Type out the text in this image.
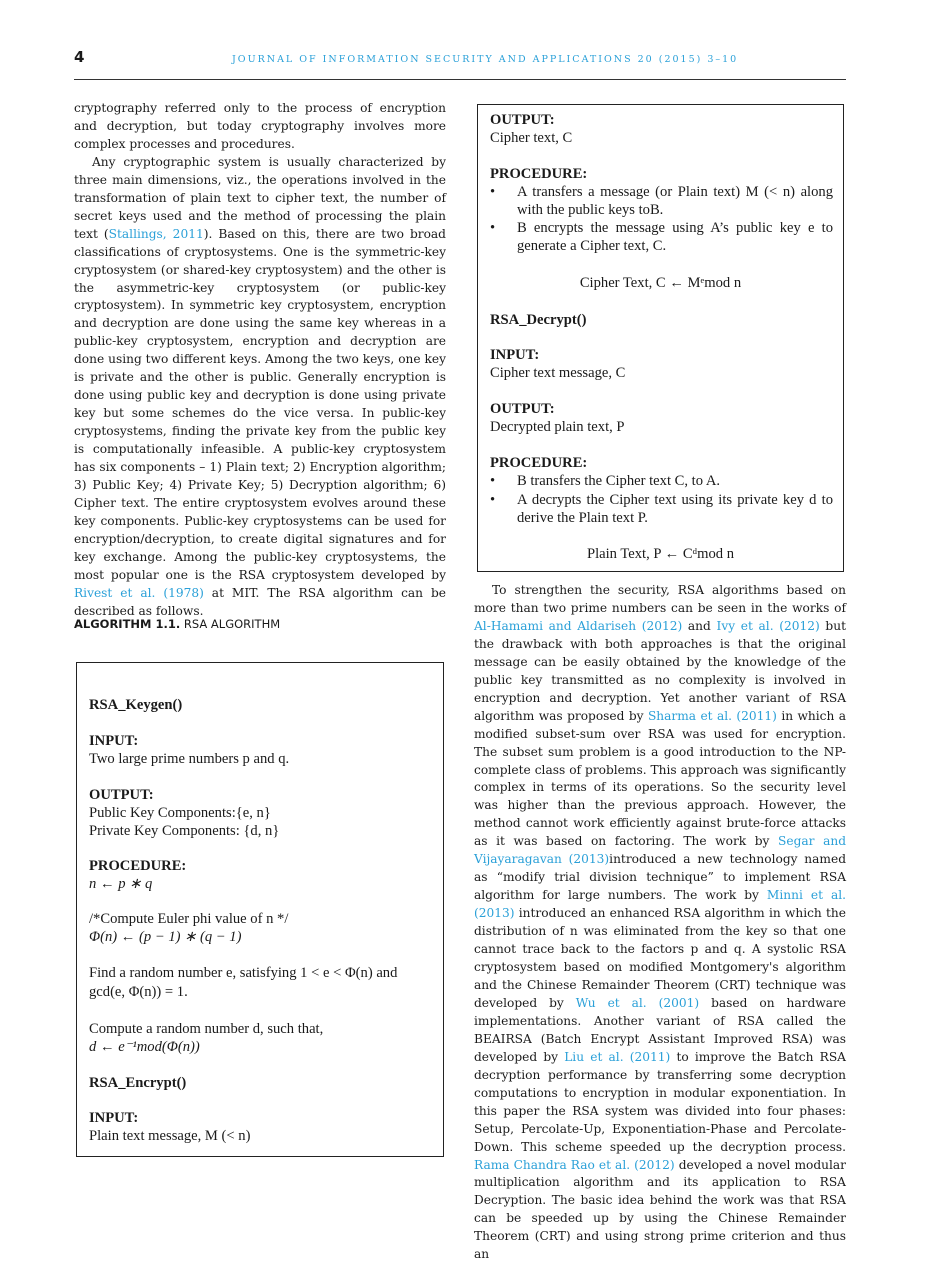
4	JOURNAL OF INFORMATION SECURITY AND APPLICATIONS 20 (2015) 3–10

cryptography referred only to the process of encryption and decryption, but today cryptography involves more complex processes and procedures.

Any cryptographic system is usually characterized by three main dimensions, viz., the operations involved in the transformation of plain text to cipher text, the number of secret keys used and the method of processing the plain text (Stallings, 2011). Based on this, there are two broad classifications of cryptosystems. One is the symmetric-key cryptosystem (or shared-key cryptosystem) and the other is the asymmetric-key cryptosystem (or public-key cryptosystem). In symmetric key cryptosystem, encryption and decryption are done using the same key whereas in a public-key cryptosystem, encryption and decryption are done using two different keys. Among the two keys, one key is private and the other is public. Generally encryption is done using public key and decryption is done using private key but some schemes do the vice versa. In public-key cryptosystems, finding the private key from the public key is computationally infeasible. A public-key cryptosystem has six components – 1) Plain text; 2) Encryption algorithm; 3) Public Key; 4) Private Key; 5) Decryption algorithm; 6) Cipher text. The entire cryptosystem evolves around these key components. Public-key cryptosystems can be used for encryption/decryption, to create digital signatures and for key exchange. Among the public-key cryptosystems, the most popular one is the RSA cryptosystem developed by Rivest et al. (1978) at MIT. The RSA algorithm can be described as follows.

ALGORITHM 1.1. RSA ALGORITHM
RSA_Keygen()
INPUT:
Two large prime numbers p and q.
OUTPUT:
Public Key Components:{e, n}
Private Key Components: {d, n}
PROCEDURE:
n ← p ∗ q
/*Compute Euler phi value of n */
Φ(n) ← (p − 1) ∗ (q − 1)
Find a random number e, satisfying 1 < e < Φ(n) and
gcd(e, Φ(n)) = 1.
Compute a random number d, such that,
d ← e⁻¹mod(Φ(n))
RSA_Encrypt()
INPUT:
Plain text message, M (< n)
OUTPUT:
Cipher text, C
PROCEDURE:
•	A transfers a message (or Plain text) M (< n) along with the public keys toB.
•	B encrypts the message using A’s public key e to generate a Cipher text, C.
Cipher Text, C ← Mᵉmod n
RSA_Decrypt()
INPUT:
Cipher text message, C
OUTPUT:
Decrypted plain text, P
PROCEDURE:
•	B transfers the Cipher text C, to A.
•	A decrypts the Cipher text using its private key d to derive the Plain text P.
Plain Text, P ← Cᵈmod n

To strengthen the security, RSA algorithms based on more than two prime numbers can be seen in the works of Al-Hamami and Aldariseh (2012) and Ivy et al. (2012) but the drawback with both approaches is that the original message can be easily obtained by the knowledge of the public key transmitted as no complexity is involved in encryption and decryption. Yet another variant of RSA algorithm was proposed by Sharma et al. (2011) in which a modified subset-sum over RSA was used for encryption. The subset sum problem is a good introduction to the NP-complete class of problems. This approach was significantly complex in terms of its operations. So the security level was higher than the previous approach. However, the method cannot work efficiently against brute-force attacks as it was based on factoring. The work by Segar and Vijayaragavan (2013)introduced a new technology named as “modify trial division technique” to implement RSA algorithm for large numbers. The work by Minni et al. (2013) introduced an enhanced RSA algorithm in which the distribution of n was eliminated from the key so that one cannot trace back to the factors p and q. A systolic RSA cryptosystem based on modified Montgomery's algorithm and the Chinese Remainder Theorem (CRT) technique was developed by Wu et al. (2001) based on hardware implementations. Another variant of RSA called the BEAIRSA (Batch Encrypt Assistant Improved RSA) was developed by Liu et al. (2011) to improve the Batch RSA decryption performance by transferring some decryption computations to encryption in modular exponentiation. In this paper the RSA system was divided into four phases: Setup, Percolate-Up, Exponentiation-Phase and Percolate-Down. This scheme speeded up the decryption process. Rama Chandra Rao et al. (2012) developed a novel modular multiplication algorithm and its application to RSA Decryption. The basic idea behind the work was that RSA can be speeded up by using the Chinese Remainder Theorem (CRT) and using strong prime criterion and thus an
